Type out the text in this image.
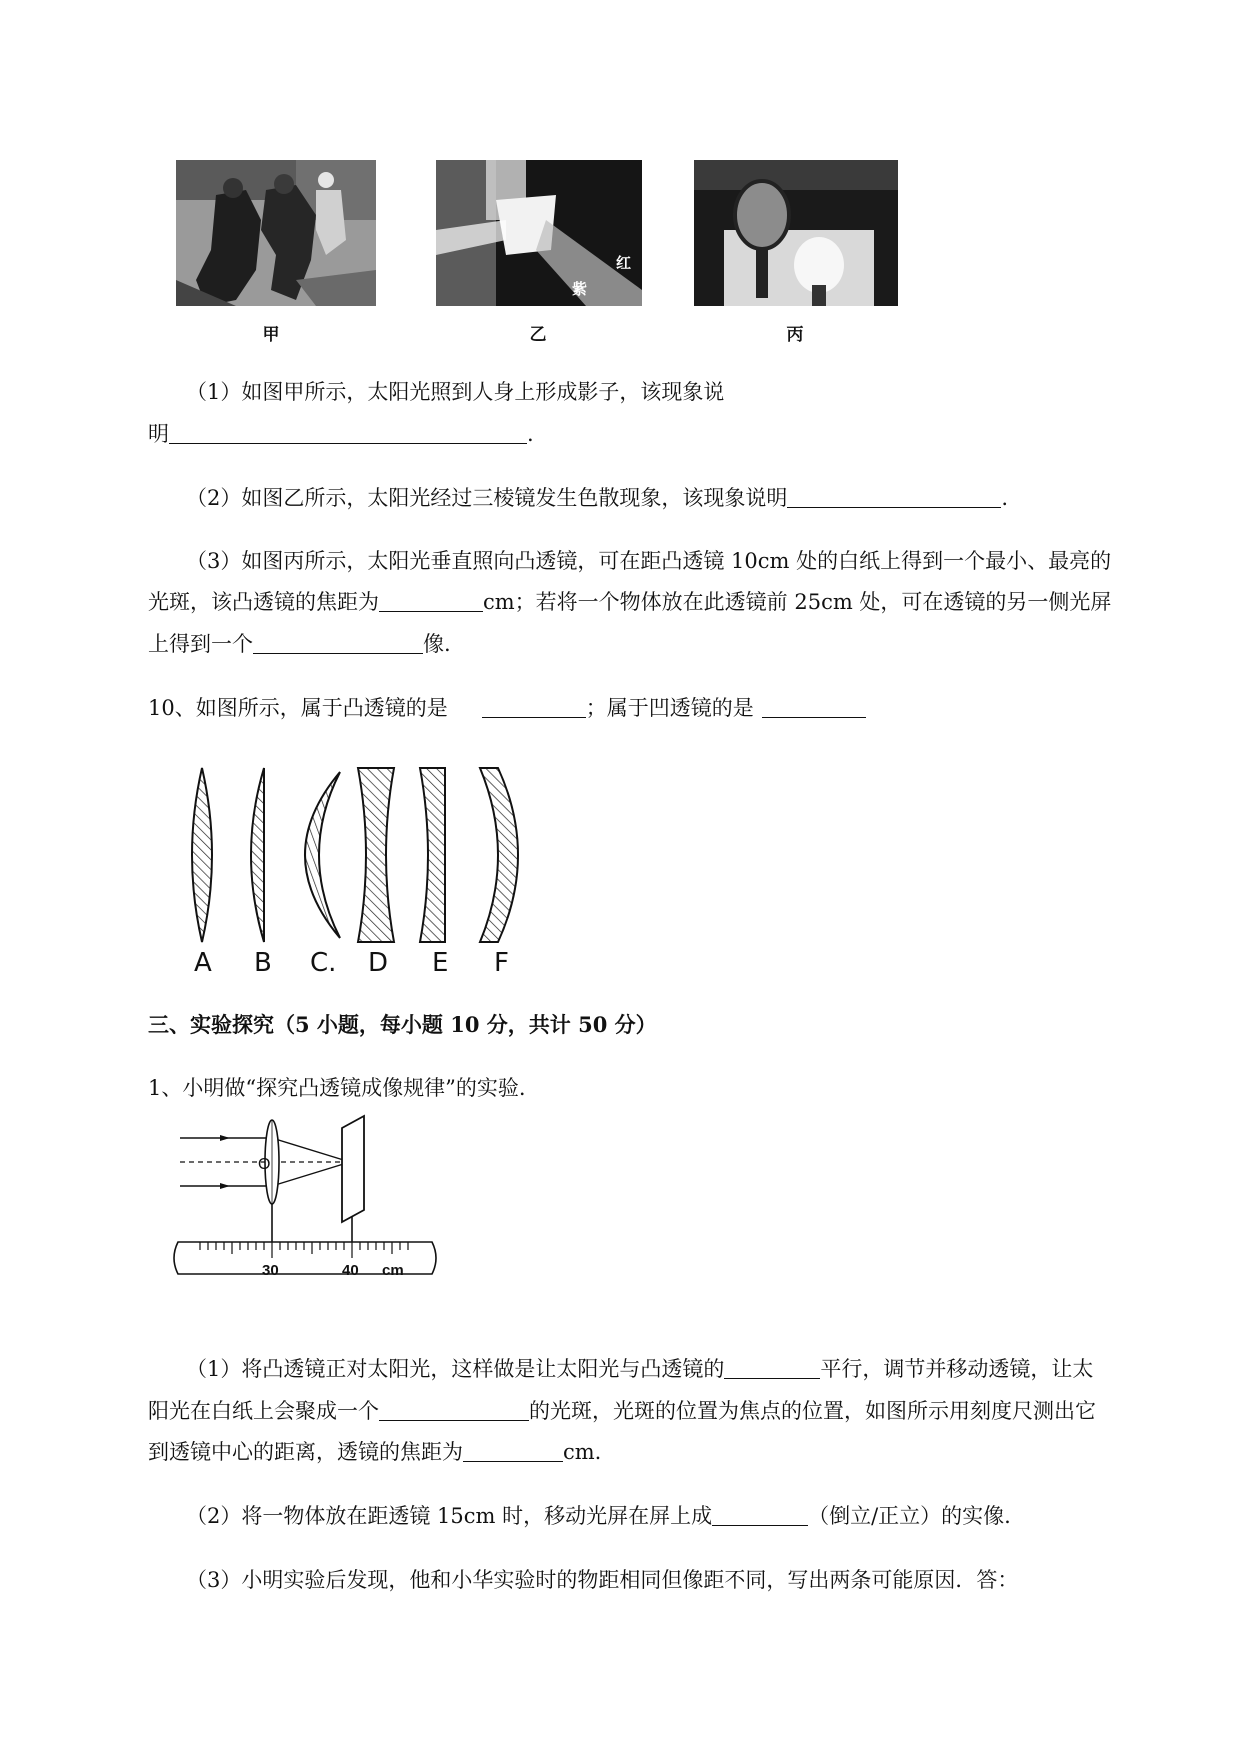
红
紫
甲	乙	丙
（1）如图甲所示，太阳光照到人身上形成影子，该现象说
明	.
（2）如图乙所示，太阳光经过三棱镜发生色散现象，该现象说明	.
（3）如图丙所示，太阳光垂直照向凸透镜，可在距凸透镜 10cm 处的白纸上得到一个最小、最亮的
光斑，该凸透镜的焦距为	cm；若将一个物体放在此透镜前 25cm 处，可在透镜的另一侧光屏
上得到一个	像.
10、如图所示，属于凸透镜的是	；属于凹透镜的是
A B C. D E F
三、实验探究（5 小题，每小题 10 分，共计 50 分）
1、小明做“探究凸透镜成像规律”的实验.
O
30	40 cm
（1）将凸透镜正对太阳光，这样做是让太阳光与凸透镜的	平行，调节并移动透镜，让太
阳光在白纸上会聚成一个	的光斑，光斑的位置为焦点的位置，如图所示用刻度尺测出它
到透镜中心的距离，透镜的焦距为	cm.
（2）将一物体放在距透镜 15cm 时，移动光屏在屏上成	（倒立/正立）的实像.
（3）小明实验后发现，他和小华实验时的物距相同但像距不同，写出两条可能原因．答：
